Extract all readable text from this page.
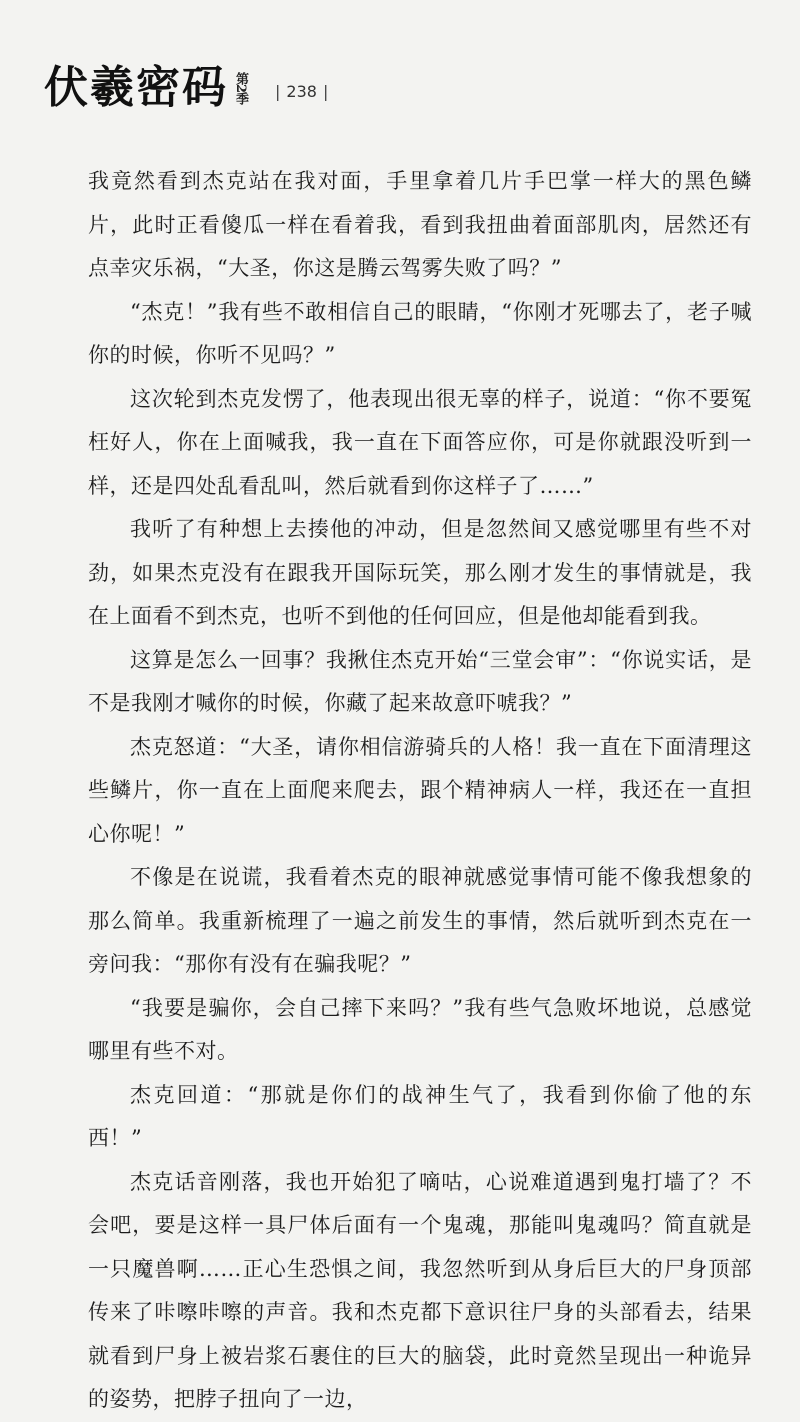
伏羲密码 第2季	| 238 |

我竟然看到杰克站在我对面，手里拿着几片手巴掌一样大的黑色鳞片，此时正看傻瓜一样在看着我，看到我扭曲着面部肌肉，居然还有点幸灾乐祸，“大圣，你这是腾云驾雾失败了吗？”

“杰克！”我有些不敢相信自己的眼睛，“你刚才死哪去了，老子喊你的时候，你听不见吗？”

这次轮到杰克发愣了，他表现出很无辜的样子，说道：“你不要冤枉好人，你在上面喊我，我一直在下面答应你，可是你就跟没听到一样，还是四处乱看乱叫，然后就看到你这样子了……”

我听了有种想上去揍他的冲动，但是忽然间又感觉哪里有些不对劲，如果杰克没有在跟我开国际玩笑，那么刚才发生的事情就是，我在上面看不到杰克，也听不到他的任何回应，但是他却能看到我。

这算是怎么一回事？我揪住杰克开始“三堂会审”：“你说实话，是不是我刚才喊你的时候，你藏了起来故意吓唬我？”

杰克怒道：“大圣，请你相信游骑兵的人格！我一直在下面清理这些鳞片，你一直在上面爬来爬去，跟个精神病人一样，我还在一直担心你呢！”

不像是在说谎，我看着杰克的眼神就感觉事情可能不像我想象的那么简单。我重新梳理了一遍之前发生的事情，然后就听到杰克在一旁问我：“那你有没有在骗我呢？”

“我要是骗你，会自己摔下来吗？”我有些气急败坏地说，总感觉哪里有些不对。

杰克回道：“那就是你们的战神生气了，我看到你偷了他的东西！”

杰克话音刚落，我也开始犯了嘀咕，心说难道遇到鬼打墙了？不会吧，要是这样一具尸体后面有一个鬼魂，那能叫鬼魂吗？简直就是一只魔兽啊……正心生恐惧之间，我忽然听到从身后巨大的尸身顶部传来了咔嚓咔嚓的声音。我和杰克都下意识往尸身的头部看去，结果就看到尸身上被岩浆石裹住的巨大的脑袋，此时竟然呈现出一种诡异的姿势，把脖子扭向了一边，
